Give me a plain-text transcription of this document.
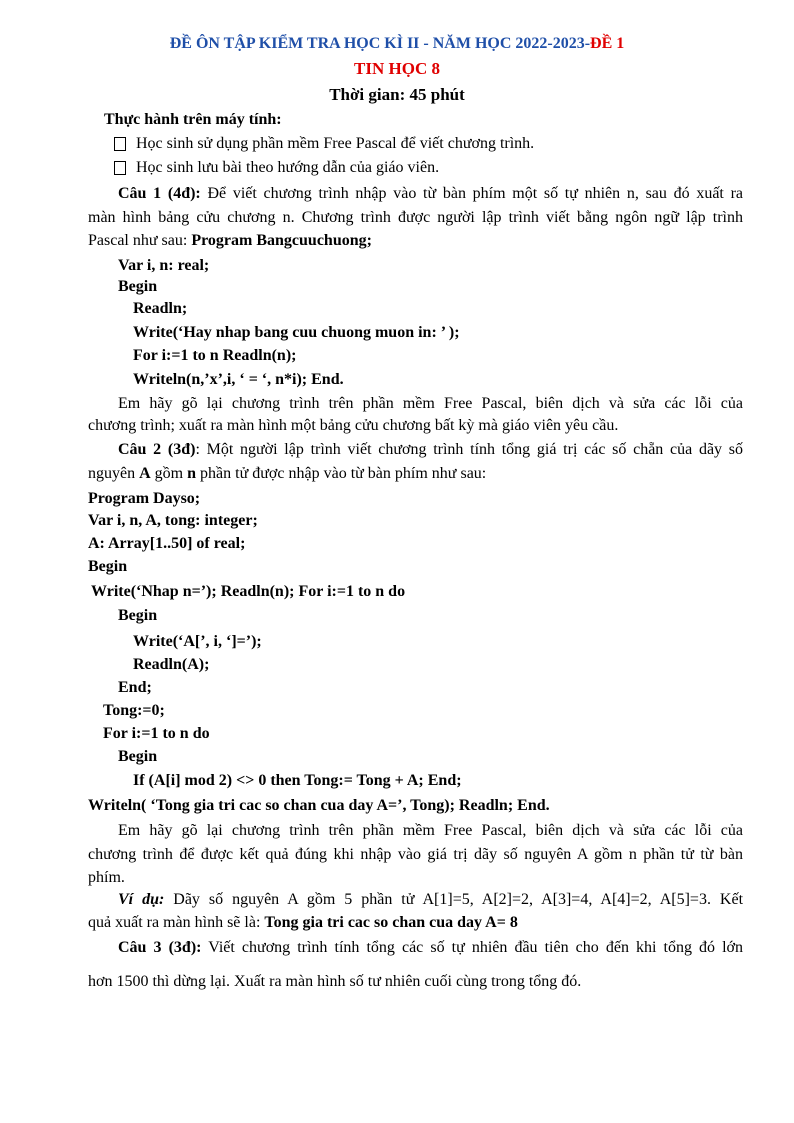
ĐỀ ÔN TẬP KIỂM TRA HỌC KÌ II - NĂM HỌC 2022-2023-ĐỀ 1
TIN HỌC 8
Thời gian: 45 phút
Thực hành trên máy tính:
Học sinh sử dụng phần mềm Free Pascal để viết chương trình.
Học sinh lưu bài theo hướng dẫn của giáo viên.
Câu 1 (4đ): Để viết chương trình nhập vào từ bàn phím một số tự nhiên n, sau đó xuất ra
màn hình bảng cửu chương n. Chương trình được người lập trình viết bằng ngôn ngữ lập trình
Pascal như sau: Program Bangcuuchuong;
Var i, n: real;
Begin
Readln;
Write(‘Hay nhap bang cuu chuong muon in: ’ );
For i:=1 to n Readln(n);
Writeln(n,’x’,i, ‘ = ‘, n*i); End.
Em hãy gõ lại chương trình trên phần mềm Free Pascal, biên dịch và sửa các lỗi của
chương trình; xuất ra màn hình một bảng cửu chương bất kỳ mà giáo viên yêu cầu.
Câu 2 (3đ): Một người lập trình viết chương trình tính tổng giá trị các số chẵn của dãy số
nguyên A gồm n phần tử được nhập vào từ bàn phím như sau:
Program Dayso;
Var i, n, A, tong: integer;
A: Array[1..50] of real;
Begin
Write(‘Nhap n=’); Readln(n); For i:=1 to n do
Begin
Write(‘A[’, i, ‘]=’);
Readln(A);
End;
Tong:=0;
For i:=1 to n do
Begin
If (A[i] mod 2) <> 0 then Tong:= Tong + A; End;
Writeln( ‘Tong gia tri cac so chan cua day A=’, Tong); Readln; End.
Em hãy gõ lại chương trình trên phần mềm Free Pascal, biên dịch và sửa các lỗi của
chương trình để được kết quả đúng khi nhập vào giá trị dãy số nguyên A gồm n phần tử từ bàn
phím.
Ví dụ: Dãy số nguyên A gồm 5 phần tử A[1]=5, A[2]=2, A[3]=4, A[4]=2, A[5]=3. Kết
quả xuất ra màn hình sẽ là: Tong gia tri cac so chan cua day A= 8
Câu 3 (3đ): Viết chương trình tính tổng các số tự nhiên đầu tiên cho đến khi tổng đó lớn
hơn 1500 thì dừng lại. Xuất ra màn hình số tư nhiên cuối cùng trong tổng đó.
